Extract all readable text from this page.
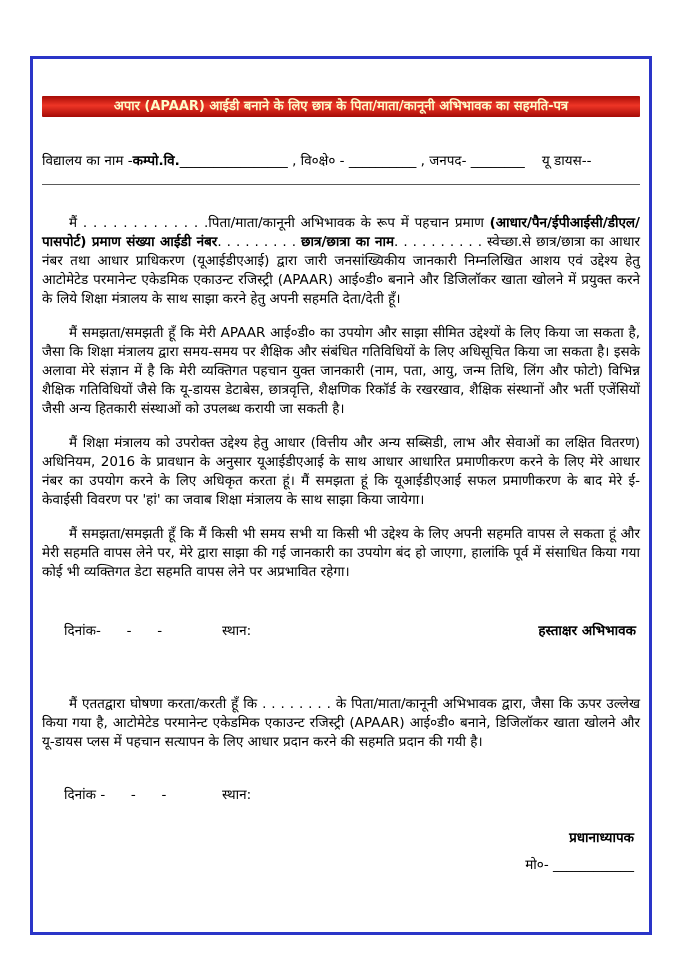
अपार (APAAR) आईडी बनाने के लिए छात्र के पिता/माता/कानूनी अभिभावक का सहमति-पत्र
विद्यालय का नाम -कम्पो.वि.________________ , वि०क्षे० - __________ , जनपद- ________    यू डायस--

मैं . . . . . . . . . . . . .पिता/माता/कानूनी अभिभावक के रूप में पहचान प्रमाण (आधार/पैन/ईपीआईसी/डीएल/पासपोर्ट) प्रमाण संख्या आईडी नंबर. . . . . . . . . छात्र/छात्रा का नाम. . . . . . . . . . स्वेच्छा.से छात्र/छात्रा का आधार नंबर तथा आधार प्राधिकरण (यूआईडीएआई) द्वारा जारी जनसांख्यिकीय जानकारी निम्नलिखित आशय एवं उद्देश्य हेतु आटोमेटेड परमानेन्ट एकेडमिक एकाउन्ट रजिस्ट्री (APAAR) आई०डी० बनाने और डिजिलॉकर खाता खोलने में प्रयुक्त करने के लिये शिक्षा मंत्रालय के साथ साझा करने हेतु अपनी सहमति देता/देती हूँ।

मैं समझता/समझती हूँ कि मेरी APAAR आई०डी० का उपयोग और साझा सीमित उद्देश्यों के लिए किया जा सकता है, जैसा कि शिक्षा मंत्रालय द्वारा समय-समय पर शैक्षिक और संबंधित गतिविधियों के लिए अधिसूचित किया जा सकता है। इसके अलावा मेरे संज्ञान में है कि मेरी व्यक्तिगत पहचान युक्त जानकारी (नाम, पता, आयु, जन्म तिथि, लिंग और फोटो) विभिन्न शैक्षिक गतिविधियों जैसे कि यू-डायस डेटाबेस, छात्रवृत्ति, शैक्षणिक रिकॉर्ड के रखरखाव, शैक्षिक संस्थानों और भर्ती एजेंसियों जैसी अन्य हितकारी संस्थाओं को उपलब्ध करायी जा सकती है।

मैं शिक्षा मंत्रालय को उपरोक्त उद्देश्य हेतु आधार (वित्तीय और अन्य सब्सिडी, लाभ और सेवाओं का लक्षित वितरण) अधिनियम, 2016 के प्रावधान के अनुसार यूआईडीएआई के साथ आधार आधारित प्रमाणीकरण करने के लिए मेरे आधार नंबर का उपयोग करने के लिए अधिकृत करता हूं। मैं समझता हूं कि यूआईडीएआई सफल प्रमाणीकरण के बाद मेरे ई-केवाईसी विवरण पर 'हां' का जवाब शिक्षा मंत्रालय के साथ साझा किया जायेगा।

मैं समझता/समझती हूँ कि मैं किसी भी समय सभी या किसी भी उद्देश्य के लिए अपनी सहमति वापस ले सकता हूं और मेरी सहमति वापस लेने पर, मेरे द्वारा साझा की गई जानकारी का उपयोग बंद हो जाएगा, हालांकि पूर्व में संसाधित किया गया कोई भी व्यक्तिगत डेटा सहमति वापस लेने पर अप्रभावित रहेगा।

दिनांक-      -      -	स्थान:	हस्ताक्षर अभिभावक

मैं एततद्वारा घोषणा करता/करती हूँ कि . . . . . . . . के पिता/माता/कानूनी अभिभावक द्वारा, जैसा कि ऊपर उल्लेख किया गया है, आटोमेटेड परमानेन्ट एकेडमिक एकाउन्ट रजिस्ट्री (APAAR) आई०डी० बनाने, डिजिलॉकर खाता खोलने और यू-डायस प्लस में पहचान सत्यापन के लिए आधार प्रदान करने की सहमति प्रदान की गयी है।

दिनांक -      -      -	स्थान:
प्रधानाध्यापक
मो०- ____________
